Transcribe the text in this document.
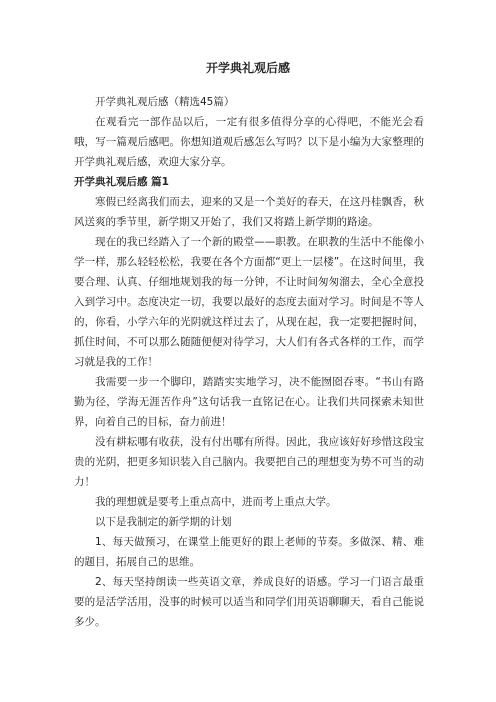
开学典礼观后感

开学典礼观后感（精选45篇）

在观看完一部作品以后，一定有很多值得分享的心得吧，不能光会看哦，写一篇观后感吧。你想知道观后感怎么写吗？以下是小编为大家整理的开学典礼观后感，欢迎大家分享。

开学典礼观后感 篇1

寒假已经离我们而去，迎来的又是一个美好的春天，在这丹桂飘香，秋风送爽的季节里，新学期又开始了，我们又将踏上新学期的路途。

现在的我已经踏入了一个新的殿堂——职教。在职教的生活中不能像小学一样，那么轻轻松松，我要在各个方面都“更上一层楼”。在这时间里，我要合理、认真、仔细地规划我的每一分钟，不让时间匆匆溜去，全心全意投入到学习中。态度决定一切，我要以最好的态度去面对学习。时间是不等人的，你看，小学六年的光阴就这样过去了，从现在起，我一定要把握时间，抓住时间，不可以那么随随便便对待学习，大人们有各式各样的工作，而学习就是我的工作！

我需要一步一个脚印，踏踏实实地学习，决不能囫囵吞枣。“书山有路勤为径，学海无涯苦作舟”这句话我一直铭记在心。让我们共同探索未知世界，向着自己的目标，奋力前进！

没有耕耘哪有收获，没有付出哪有所得。因此，我应该好好珍惜这段宝贵的光阴，把更多知识装入自己脑内。我要把自己的理想变为势不可当的动力！

我的理想就是要考上重点高中，进而考上重点大学。

以下是我制定的新学期的计划

1、每天做预习，在课堂上能更好的跟上老师的节奏。多做深、精、难的题目，拓展自己的思维。

2、每天坚持朗读一些英语文章，养成良好的语感。学习一门语言最重要的是活学活用，没事的时候可以适当和同学们用英语聊聊天，看自己能说多少。
